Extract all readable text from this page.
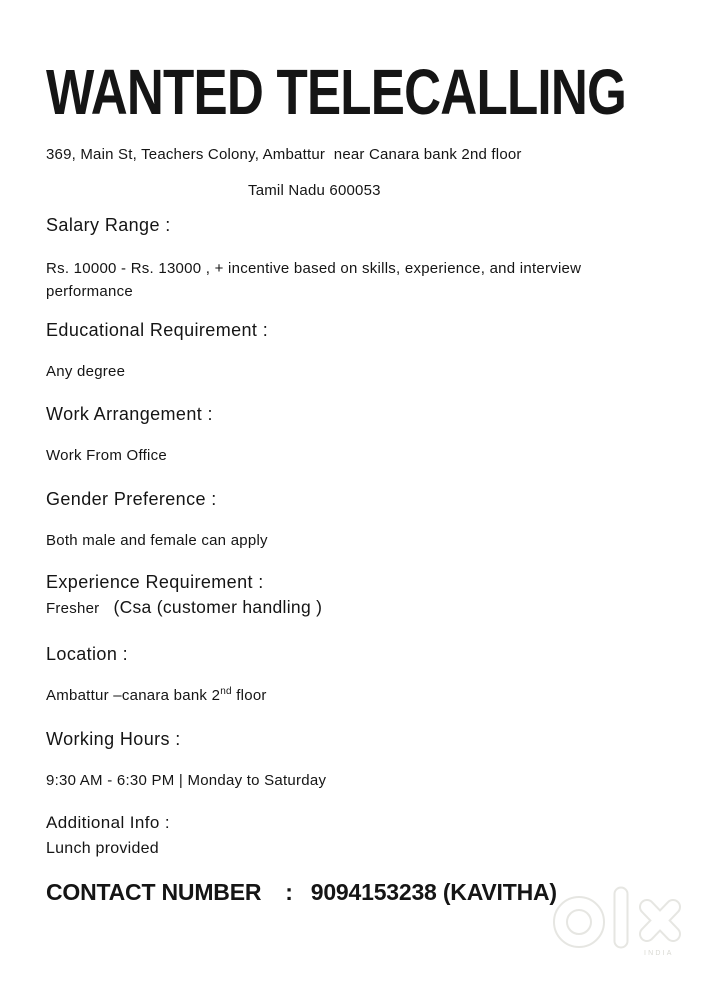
WANTED TELECALLING
369, Main St, Teachers Colony, Ambattur  near Canara bank 2nd floor
Tamil Nadu 600053
Salary Range :
Rs. 10000 - Rs. 13000 , + incentive based on skills, experience, and interview performance
Educational Requirement :
Any degree
Work Arrangement :
Work From Office
Gender Preference :
Both male and female can apply
Experience Requirement :
Fresher (Csa (customer handling )
Location :
Ambattur –canara bank 2nd floor
Working Hours :
9:30 AM - 6:30 PM | Monday to Saturday
Additional Info :
Lunch provided
CONTACT NUMBER : 9094153238 (KAVITHA)
INDIA
